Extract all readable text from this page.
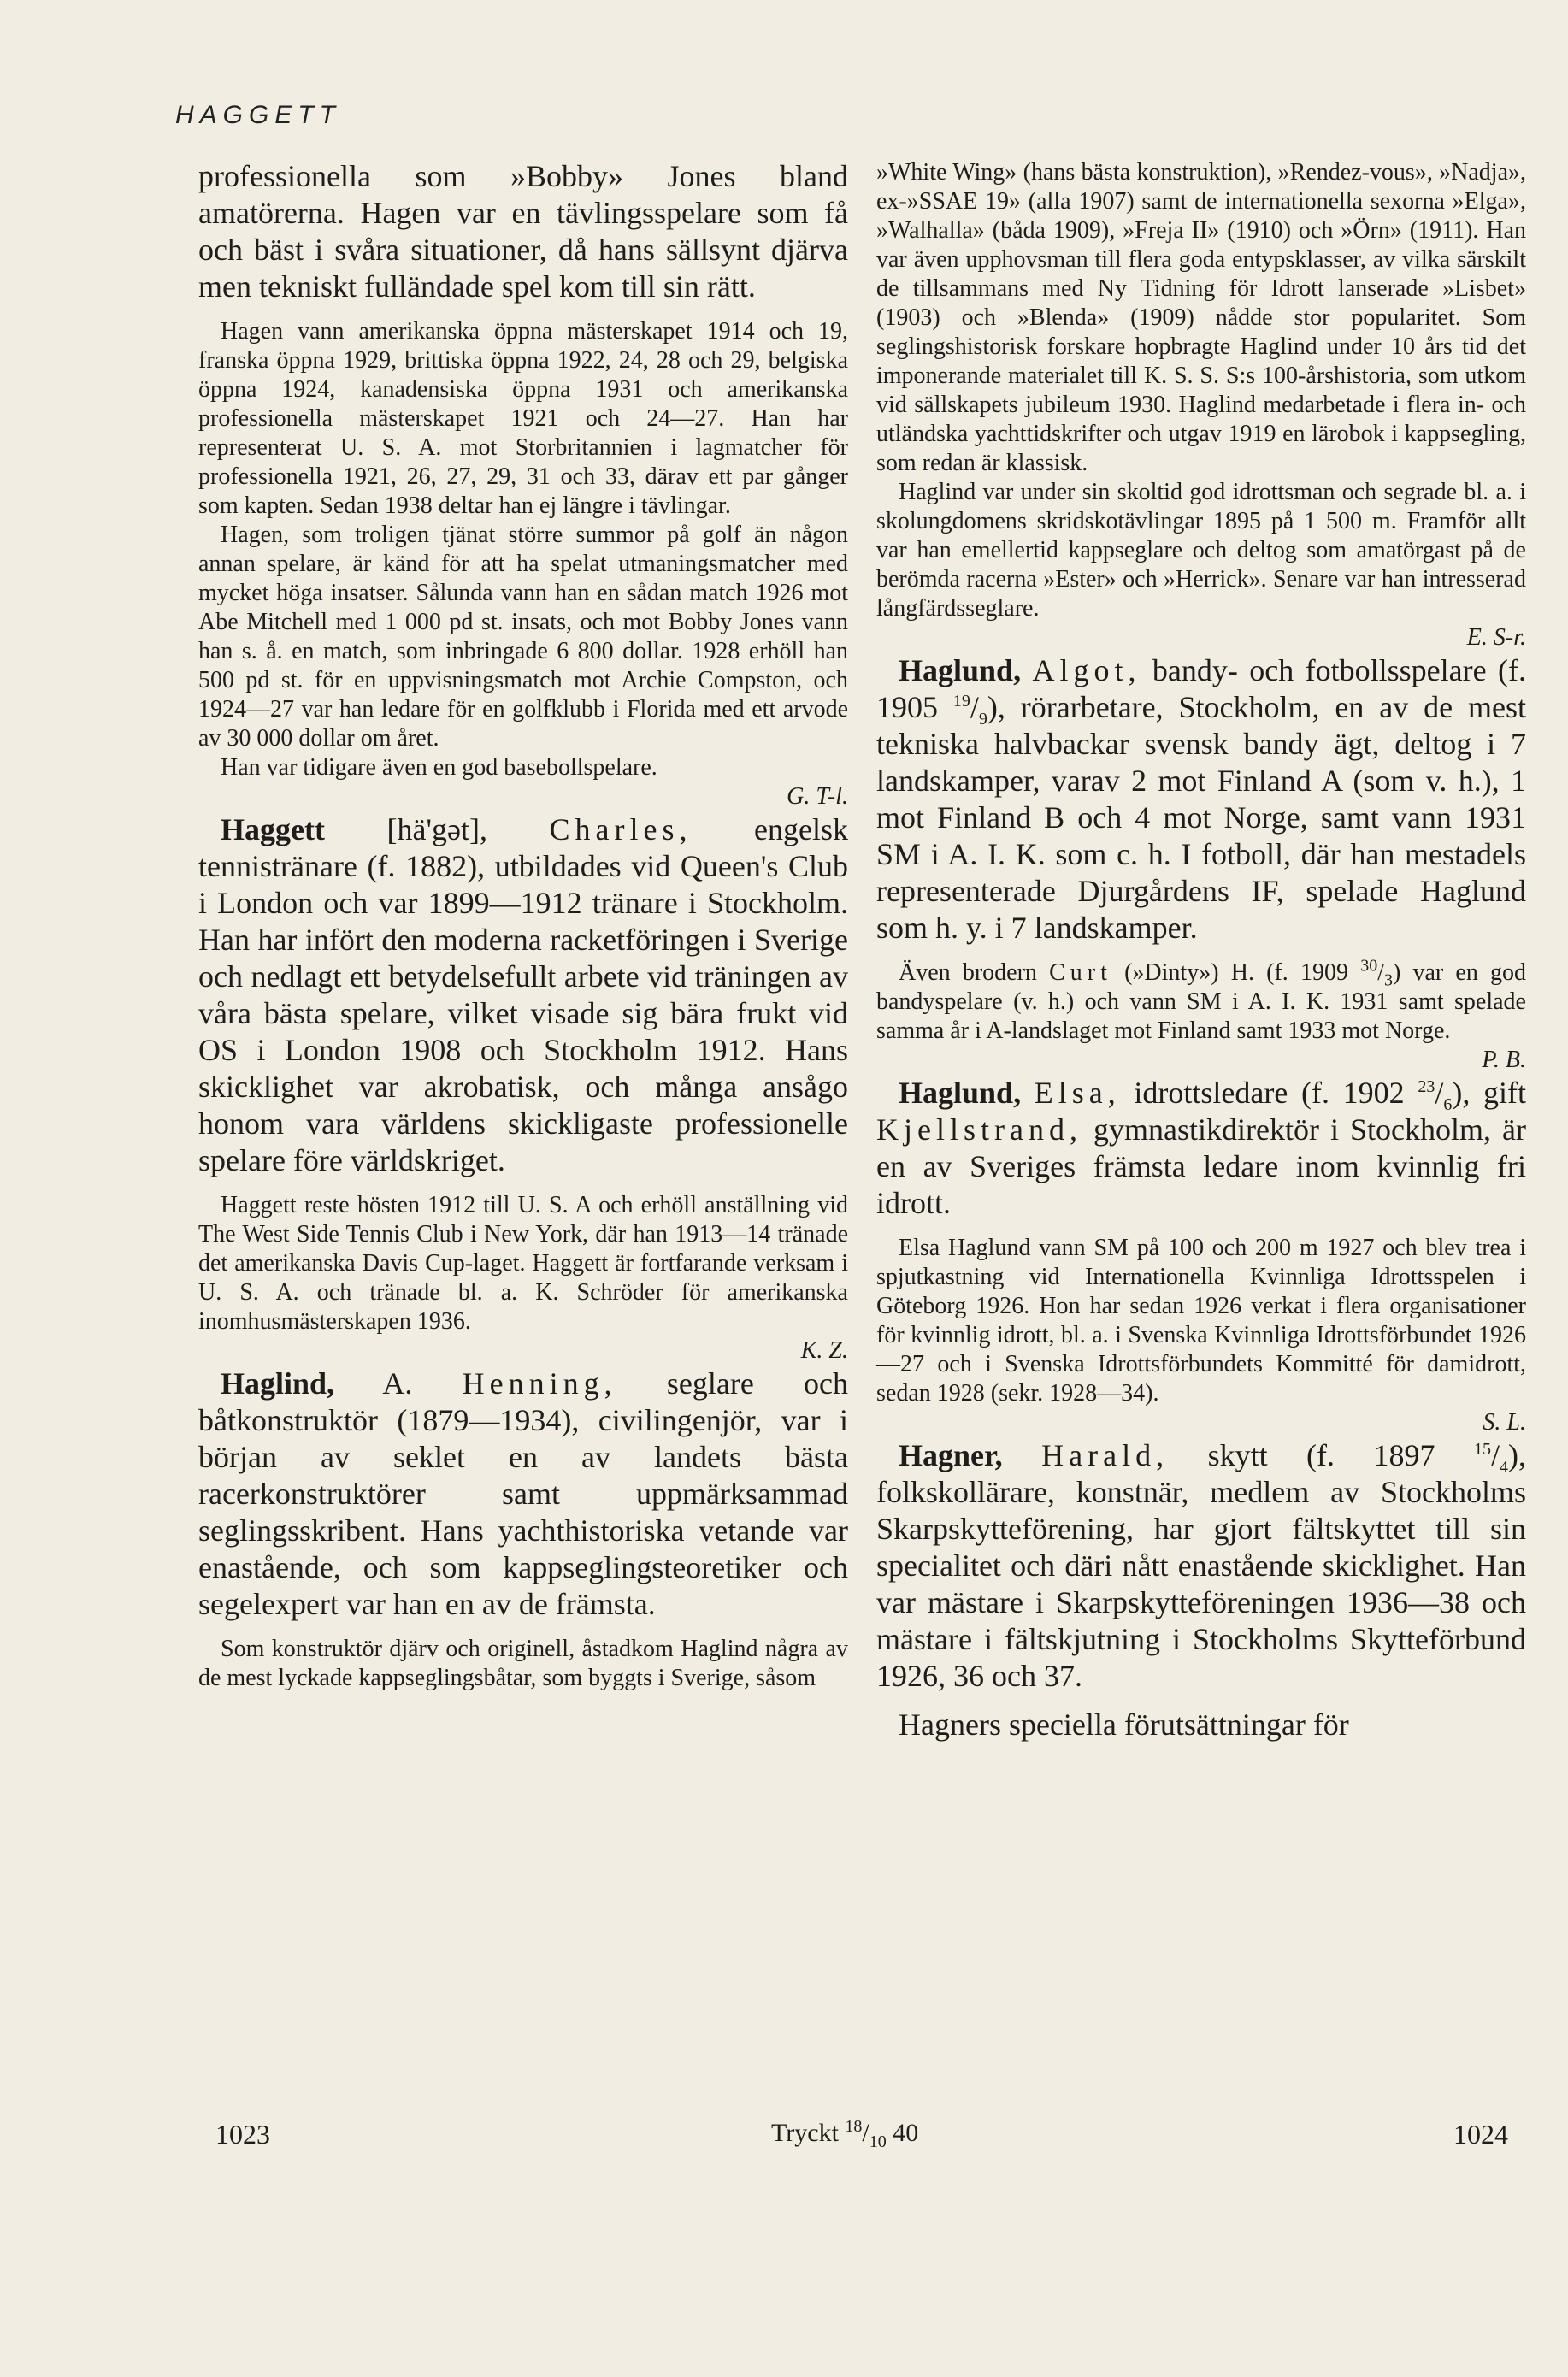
HAGGETT

professionella som »Bobby» Jones bland amatörerna. Hagen var en tävlingsspelare som få och bäst i svåra situationer, då hans sällsynt djärva men tekniskt fulländade spel kom till sin rätt.

Hagen vann amerikanska öppna mästerskapet 1914 och 19, franska öppna 1929, brittiska öppna 1922, 24, 28 och 29, belgiska öppna 1924, kanadensiska öppna 1931 och amerikanska professionella mästerskapet 1921 och 24—27. Han har representerat U. S. A. mot Storbritannien i lagmatcher för professionella 1921, 26, 27, 29, 31 och 33, därav ett par gånger som kapten. Sedan 1938 deltar han ej längre i tävlingar.

Hagen, som troligen tjänat större summor på golf än någon annan spelare, är känd för att ha spelat utmaningsmatcher med mycket höga insatser. Sålunda vann han en sådan match 1926 mot Abe Mitchell med 1 000 pd st. insats, och mot Bobby Jones vann han s. å. en match, som inbringade 6 800 dollar. 1928 erhöll han 500 pd st. för en uppvisningsmatch mot Archie Compston, och 1924—27 var han ledare för en golfklubb i Florida med ett arvode av 30 000 dollar om året.

Han var tidigare även en god basebollspelare.
G. T-l.

Haggett [hä'gət], Charles, engelsk tennistränare (f. 1882), utbildades vid Queen's Club i London och var 1899—1912 tränare i Stockholm. Han har infört den moderna racketföringen i Sverige och nedlagt ett betydelsefullt arbete vid träningen av våra bästa spelare, vilket visade sig bära frukt vid OS i London 1908 och Stockholm 1912. Hans skicklighet var akrobatisk, och många ansågo honom vara världens skickligaste professionelle spelare före världskriget.

Haggett reste hösten 1912 till U. S. A och erhöll anställning vid The West Side Tennis Club i New York, där han 1913—14 tränade det amerikanska Davis Cup-laget. Haggett är fortfarande verksam i U. S. A. och tränade bl. a. K. Schröder för amerikanska inomhusmästerskapen 1936.
K. Z.

Haglind, A. Henning, seglare och båtkonstruktör (1879—1934), civilingenjör, var i början av seklet en av landets bästa racerkonstruktörer samt uppmärksammad seglingsskribent. Hans yachthistoriska vetande var enastående, och som kappseglingsteoretiker och segelexpert var han en av de främsta.

Som konstruktör djärv och originell, åstadkom Haglind några av de mest lyckade kappseglingsbåtar, som byggts i Sverige, såsom

»White Wing» (hans bästa konstruktion), »Rendez-vous», »Nadja», ex-»SSAE 19» (alla 1907) samt de internationella sexorna »Elga», »Walhalla» (båda 1909), »Freja II» (1910) och »Örn» (1911). Han var även upphovsman till flera goda entypsklasser, av vilka särskilt de tillsammans med Ny Tidning för Idrott lanserade »Lisbet» (1903) och »Blenda» (1909) nådde stor popularitet. Som seglingshistorisk forskare hopbragte Haglind under 10 års tid det imponerande materialet till K. S. S. S:s 100-årshistoria, som utkom vid sällskapets jubileum 1930. Haglind medarbetade i flera in- och utländska yachttidskrifter och utgav 1919 en lärobok i kappsegling, som redan är klassisk.

Haglind var under sin skoltid god idrottsman och segrade bl. a. i skolungdomens skridskotävlingar 1895 på 1 500 m. Framför allt var han emellertid kappseglare och deltog som amatörgast på de berömda racerna »Ester» och »Herrick». Senare var han intresserad långfärdsseglare.
E. S-r.

Haglund, Algot, bandy- och fotbollsspelare (f. 1905 $^{19}/_9$), rörarbetare, Stockholm, en av de mest tekniska halvbackar svensk bandy ägt, deltog i 7 landskamper, varav 2 mot Finland A (som v. h.), 1 mot Finland B och 4 mot Norge, samt vann 1931 SM i A. I. K. som c. h. I fotboll, där han mestadels representerade Djurgårdens IF, spelade Haglund som h. y. i 7 landskamper.

Även brodern Curt (»Dinty») H. (f. 1909 $^{30}/_3$) var en god bandyspelare (v. h.) och vann SM i A. I. K. 1931 samt spelade samma år i A-landslaget mot Finland samt 1933 mot Norge.
P. B.

Haglund, Elsa, idrottsledare (f. 1902 $^{23}/_6$), gift Kjellstrand, gymnastikdirektör i Stockholm, är en av Sveriges främsta ledare inom kvinnlig fri idrott.

Elsa Haglund vann SM på 100 och 200 m 1927 och blev trea i spjutkastning vid Internationella Kvinnliga Idrottsspelen i Göteborg 1926. Hon har sedan 1926 verkat i flera organisationer för kvinnlig idrott, bl. a. i Svenska Kvinnliga Idrottsförbundet 1926—27 och i Svenska Idrottsförbundets Kommitté för damidrott, sedan 1928 (sekr. 1928—34).
S. L.

Hagner, Harald, skytt (f. 1897 $^{15}/_4$), folkskollärare, konstnär, medlem av Stockholms Skarpskytteförening, har gjort fältskyttet till sin specialitet och däri nått enastående skicklighet. Han var mästare i Skarpskytteföreningen 1936—38 och mästare i fältskjutning i Stockholms Skytteförbund 1926, 36 och 37.

Hagners speciella förutsättningar för

1023	Tryckt $^{18}/_{10}$ 40	1024
